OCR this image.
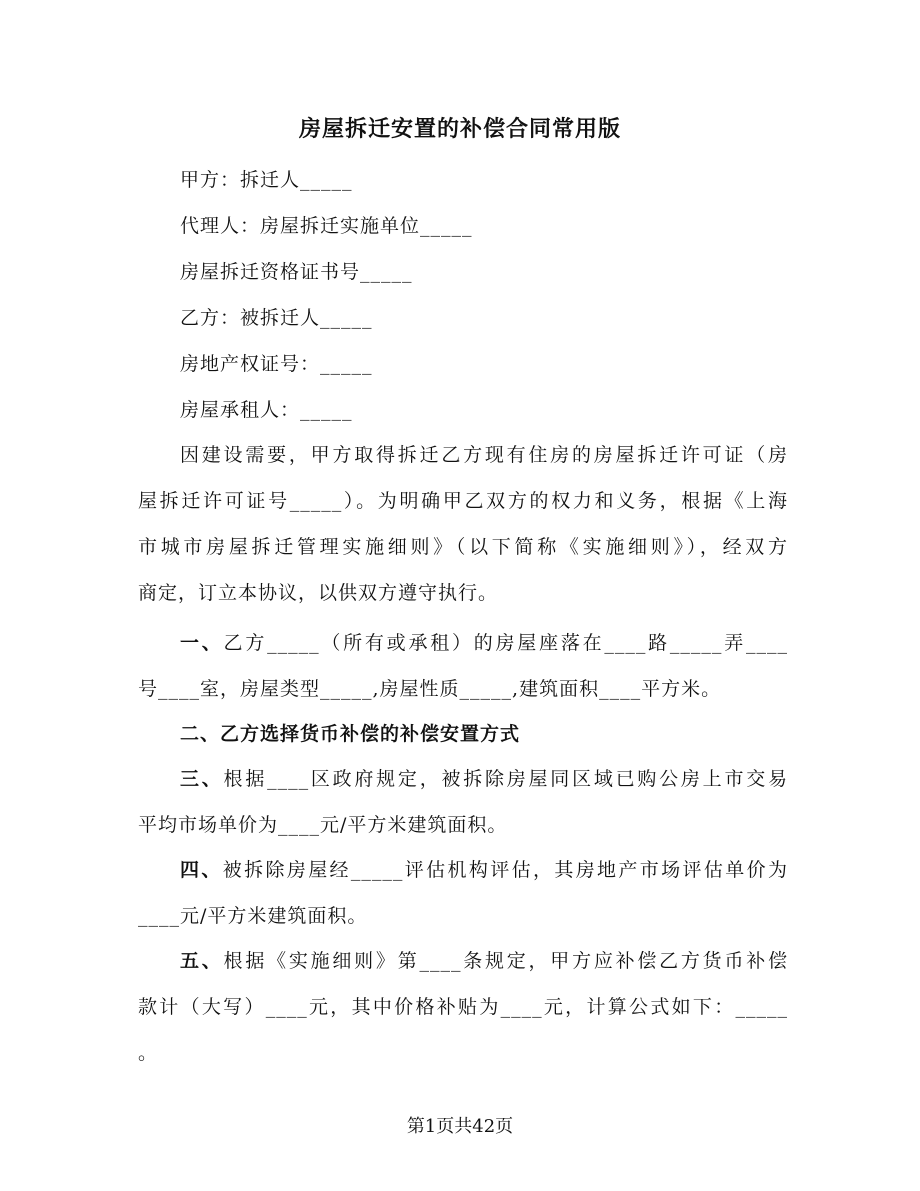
房屋拆迁安置的补偿合同常用版
甲方：拆迁人_____
代理人：房屋拆迁实施单位_____
房屋拆迁资格证书号_____
乙方：被拆迁人_____
房地产权证号：_____
房屋承租人：_____
因建设需要，甲方取得拆迁乙方现有住房的房屋拆迁许可证（房
屋拆迁许可证号_____）。为明确甲乙双方的权力和义务，根据《上海
市城市房屋拆迁管理实施细则》（以下简称《实施细则》），经双方
商定，订立本协议，以供双方遵守执行。
一、乙方_____（所有或承租）的房屋座落在____路_____弄____
号____室，房屋类型_____,房屋性质_____,建筑面积____平方米。
二、乙方选择货币补偿的补偿安置方式
三、根据____区政府规定，被拆除房屋同区域已购公房上市交易
平均市场单价为____元/平方米建筑面积。
四、被拆除房屋经_____评估机构评估，其房地产市场评估单价为
____元/平方米建筑面积。
五、根据《实施细则》第____条规定，甲方应补偿乙方货币补偿
款计（大写）____元，其中价格补贴为____元，计算公式如下：_____
。
第1页共42页
